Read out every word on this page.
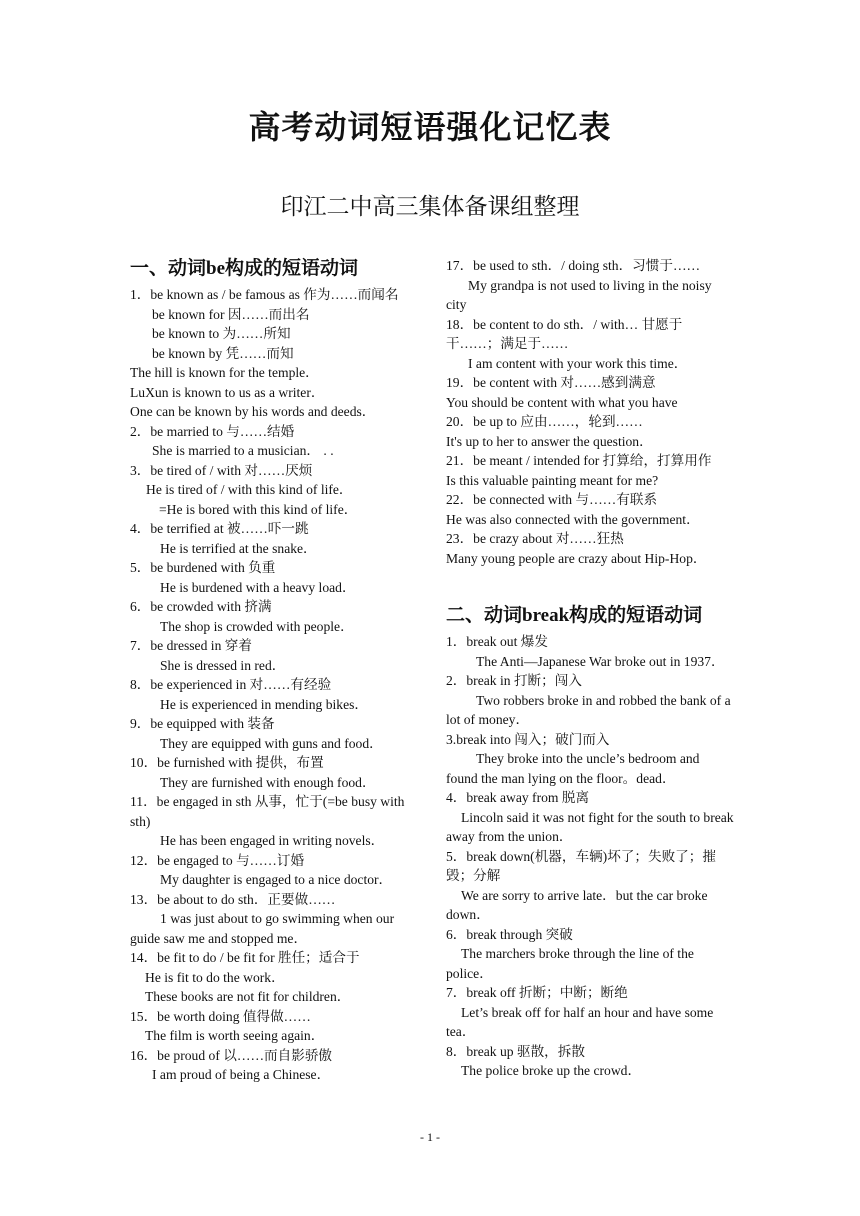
高考动词短语强化记忆表
印江二中高三集体备课组整理
一、动词be构成的短语动词
1．be known as / be famous as 作为……而闻名
be known for 因……而出名
be known to 为……所知
be known by 凭……而知
The hill is known for the temple．
LuXun is known to us as a writer．
One can be known by his words and deeds．
2．be married to 与……结婚
She is married to a musician． . .
3．be tired of / with 对……厌烦
He is tired of / with this kind of life．
=He is bored with this kind of life．
4．be terrified at 被……吓一跳
He is terrified at the snake．
5．be burdened with 负重
He is burdened with a heavy load．
6．be crowded with 挤满
The shop is crowded with people．
7．be dressed in 穿着
She is dressed in red．
8．be experienced in 对……有经验
He is experienced in mending bikes．
9．be equipped with 装备
They are equipped with guns and food．
10．be furnished with 提供，布置
They are furnished with enough food．
11．be engaged in sth 从事，忙于(=be busy with sth)
He has been engaged in writing novels．
12．be engaged to 与……订婚
My daughter is engaged to a nice doctor．
13．be about to do sth．正要做……
1 was just about to go swimming when our guide saw me and stopped me．
14．be fit to do / be fit for 胜任；适合于
He is fit to do the work．
These books are not fit for children．
15．be worth doing 值得做……
The film is worth seeing again．
16．be proud of 以……而自影骄傲
I am proud of being a Chinese．
17．be used to sth．/ doing sth．习惯于……
My grandpa is not used to living in the noisy city
18．be content to do sth．/ with… 甘愿于干……；满足于……
I am content with your work this time．
19．be content with 对……感到满意
You should be content with what you have
20．be up to 应由……，轮到……
It's up to her to answer the question．
21．be meant / intended for 打算给，打算用作
Is this valuable painting meant for me?
22．be connected with 与……有联系
He was also connected with the government．
23．be crazy about 对……狂热
Many young people are crazy about Hip-Hop．
二、动词break构成的短语动词
1．break out 爆发
The Anti—Japanese War broke out in 1937．
2．break in 打断；闯入
Two robbers broke in and robbed the bank of a lot of money．
3.break into 闯入；破门而入
They broke into the uncle’s bedroom and found the man lying on the floor。dead．
4．break away from 脱离
Lincoln said it was not fight for the south to break away from the union．
5．break down(机器，车辆)坏了；失败了；摧毁；分解
We are sorry to arrive late．but the car broke down．
6．break through 突破
The marchers broke through the line of the police．
7．break off 折断；中断；断绝
Let’s break off for half an hour and have some tea．
8．break up 驱散，拆散
The police broke up the crowd．
- 1 -
